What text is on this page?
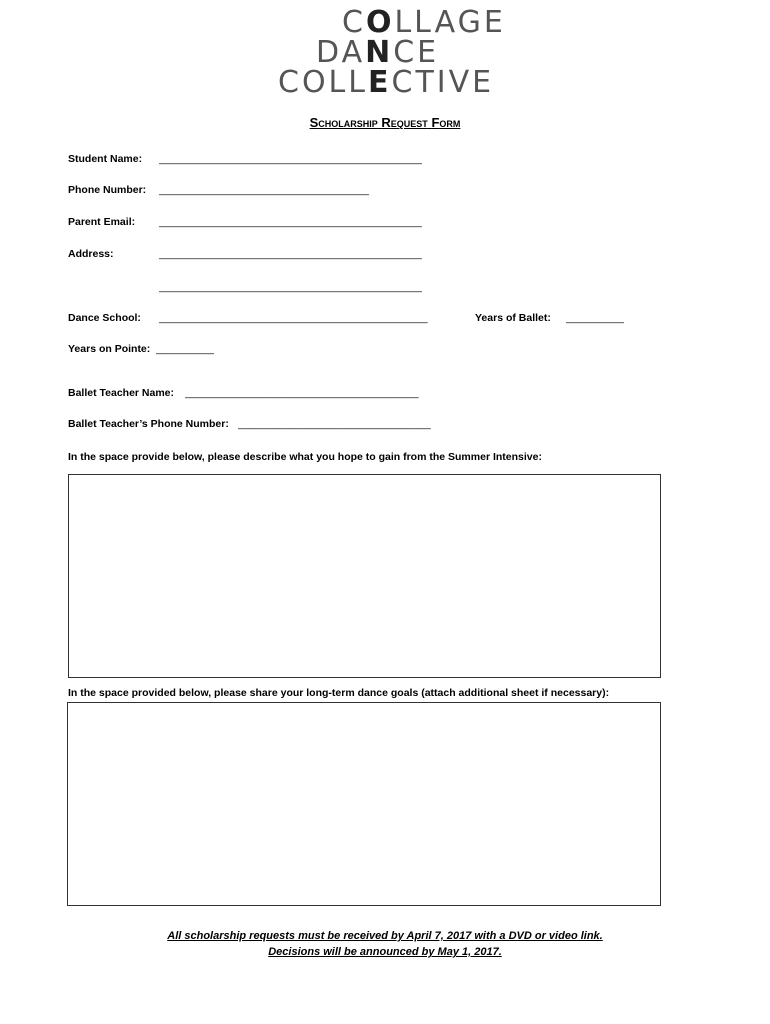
COLLAGE
DANCE
COLLECTIVE
Scholarship Request Form
Student Name: _____________________________________________
Phone Number: ____________________________________
Parent Email: _____________________________________________
Address:	_____________________________________________
_____________________________________________
Dance School: ______________________________________________	Years of Ballet: __________
Years on Pointe: __________
Ballet Teacher Name: ________________________________________
Ballet Teacher’s Phone Number: _________________________________
In the space provide below, please describe what you hope to gain from the Summer Intensive:
In the space provided below, please share your long-term dance goals (attach additional sheet if necessary):
All scholarship requests must be received by April 7, 2017 with a DVD or video link.
Decisions will be announced by May 1, 2017.
